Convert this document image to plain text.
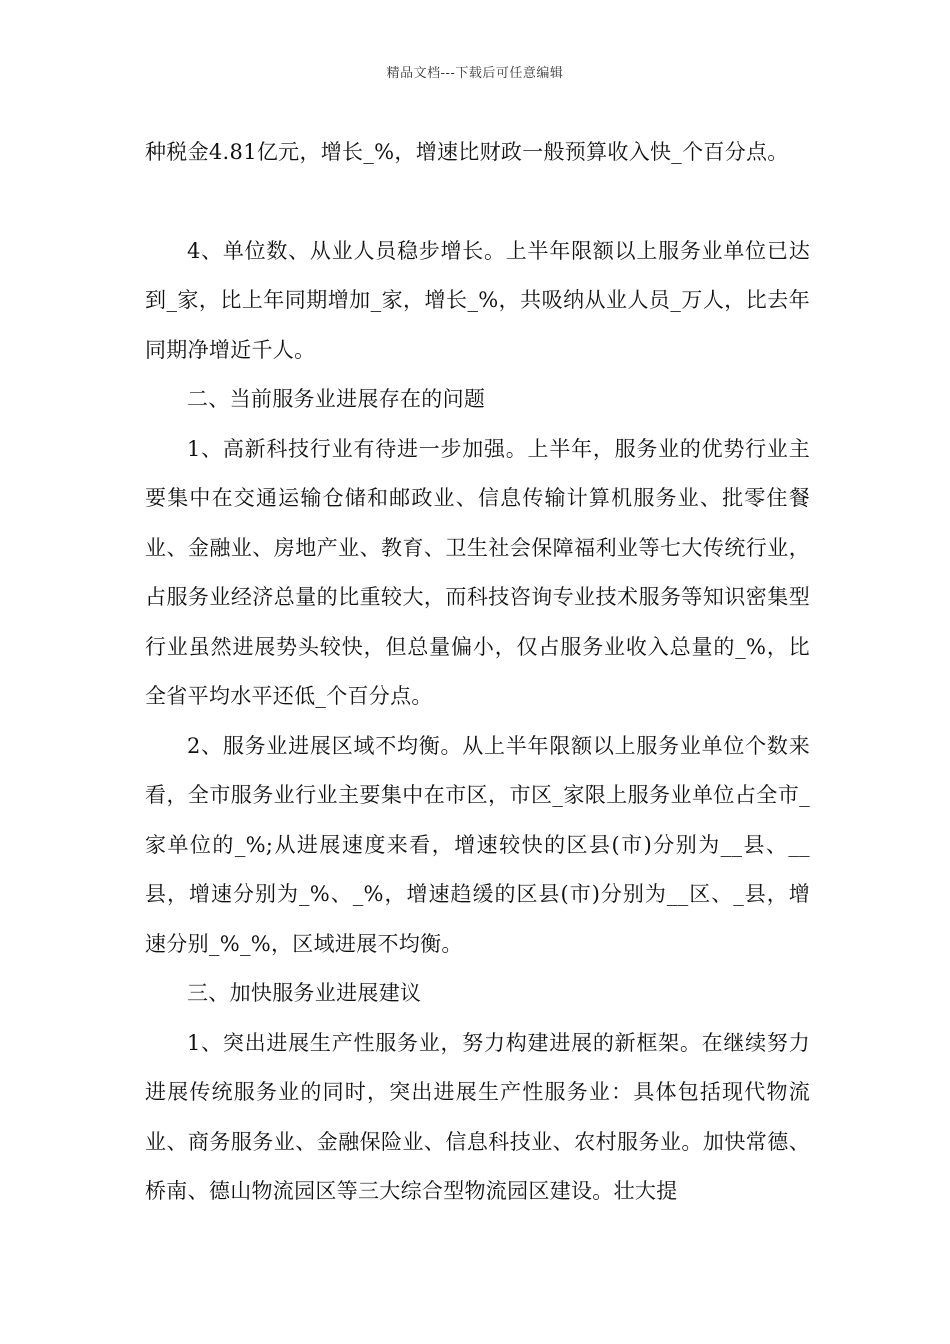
精品文档---下载后可任意编辑

种税金4.81亿元，增长_%，增速比财政一般预算收入快_个百分点。

4、单位数、从业人员稳步增长。上半年限额以上服务业单位已达到_家，比上年同期增加_家，增长_%，共吸纳从业人员_万人，比去年同期净增近千人。

二、当前服务业进展存在的问题

1、高新科技行业有待进一步加强。上半年，服务业的优势行业主要集中在交通运输仓储和邮政业、信息传输计算机服务业、批零住餐业、金融业、房地产业、教育、卫生社会保障福利业等七大传统行业，占服务业经济总量的比重较大，而科技咨询专业技术服务等知识密集型行业虽然进展势头较快，但总量偏小，仅占服务业收入总量的_%，比全省平均水平还低_个百分点。

2、服务业进展区域不均衡。从上半年限额以上服务业单位个数来看，全市服务业行业主要集中在市区，市区_家限上服务业单位占全市_家单位的_%;从进展速度来看，增速较快的区县(市)分别为__县、__县，增速分别为_%、_%，增速趋缓的区县(市)分别为__区、_县，增速分别_%_%，区域进展不均衡。

三、加快服务业进展建议

1、突出进展生产性服务业，努力构建进展的新框架。在继续努力进展传统服务业的同时，突出进展生产性服务业：具体包括现代物流业、商务服务业、金融保险业、信息科技业、农村服务业。加快常德、桥南、德山物流园区等三大综合型物流园区建设。壮大提
